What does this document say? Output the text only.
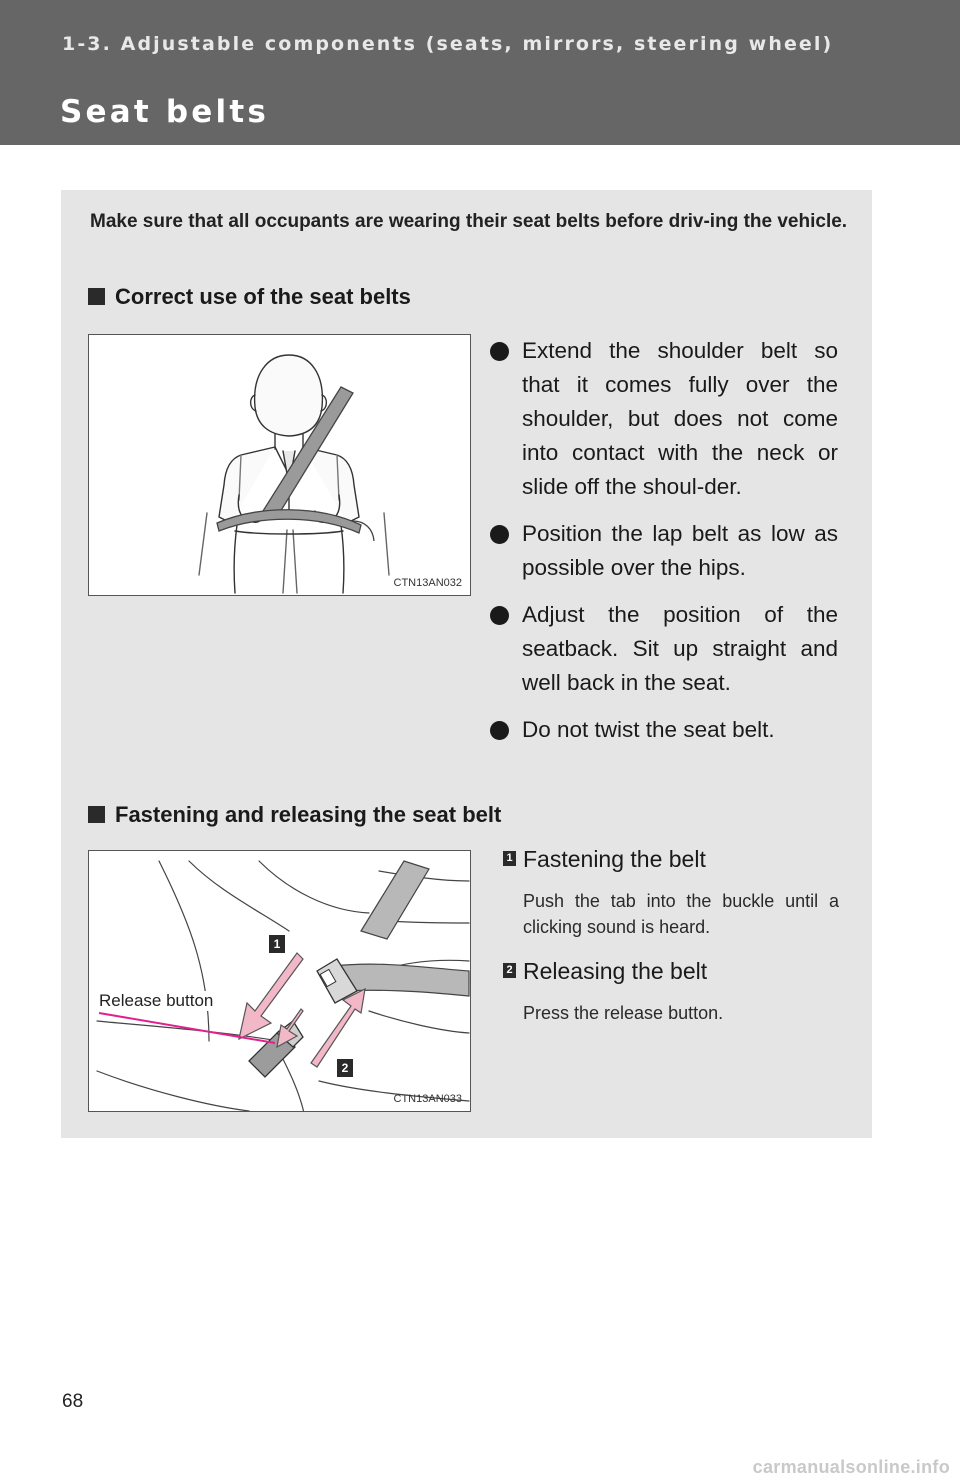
1-3. Adjustable components (seats, mirrors, steering wheel)
Seat belts
Make sure that all occupants are wearing their seat belts before driv-ing the vehicle.
Correct use of the seat belts
CTN13AN032
Extend the shoulder belt so that it comes fully over the shoulder, but does not come into contact with the neck or slide off the shoul-der.
Position the lap belt as low as possible over the hips.
Adjust the position of the seatback. Sit up straight and well back in the seat.
Do not twist the seat belt.
Fastening and releasing the seat belt
1
2
Release button
CTN13AN033
1 Fastening the belt
Push the tab into the buckle until a clicking sound is heard.
2 Releasing the belt
Press the release button.
68
carmanualsonline.info
